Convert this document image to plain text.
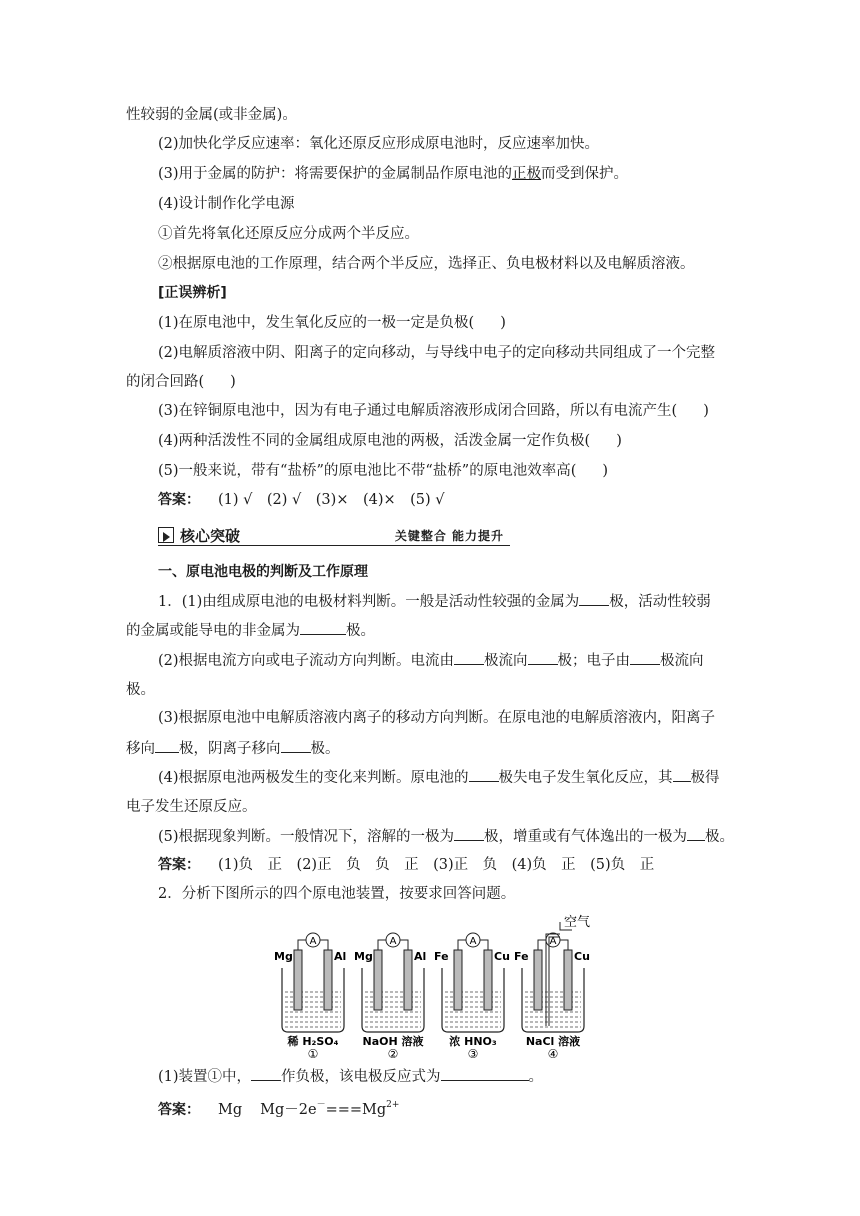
性较弱的金属(或非金属)。
(2)加快化学反应速率：氧化还原反应形成原电池时，反应速率加快。
(3)用于金属的防护：将需要保护的金属制品作原电池的正极而受到保护。
(4)设计制作化学电源
①首先将氧化还原反应分成两个半反应。
②根据原电池的工作原理，结合两个半反应，选择正、负电极材料以及电解质溶液。
[正误辨析]
(1)在原电池中，发生氧化反应的一极一定是负极( )
(2)电解质溶液中阴、阳离子的定向移动，与导线中电子的定向移动共同组成了一个完整
的闭合回路( )
(3)在锌铜原电池中，因为有电子通过电解质溶液形成闭合回路，所以有电流产生( )
(4)两种活泼性不同的金属组成原电池的两极，活泼金属一定作负极( )
(5)一般来说，带有“盐桥”的原电池比不带“盐桥”的原电池效率高( )
答案： (1) √　(2) √　(3)×　(4)×　(5) √
核心突破	关键整合 能力提升
一、原电池电极的判断及工作原理
1．(1)由组成原电池的电极材料判断。一般是活动性较强的金属为 极，活动性较弱
的金属或能导电的非金属为	极。
(2)根据电流方向或电子流动方向判断。电流由 极流向 极；电子由 极流向
极。
(3)根据原电池中电解质溶液内离子的移动方向判断。在原电池的电解质溶液内，阳离子
移向 极，阴离子移向 极。
(4)根据原电池两极发生的变化来判断。原电池的 极失电子发生氧化反应，其 极得
电子发生还原反应。
(5)根据现象判断。一般情况下，溶解的一极为 极，增重或有气体逸出的一极为 极。
答案： (1)负　正　(2)正　负　负　正　(3)正　负　(4)负　正　(5)负　正
2．分析下图所示的四个原电池装置，按要求回答问题。
A
Mg	Al
稀 H₂SO₄
①
A
Mg	Al
NaOH 溶液
②
A
Fe	Cu
浓 HNO₃
③
A
Fe	Cu
NaCl 溶液
④
空气
(1)装置①中， 作负极，该电极反应式为	。
答案： Mg $Mg-2e^-===Mg^{2+}$
